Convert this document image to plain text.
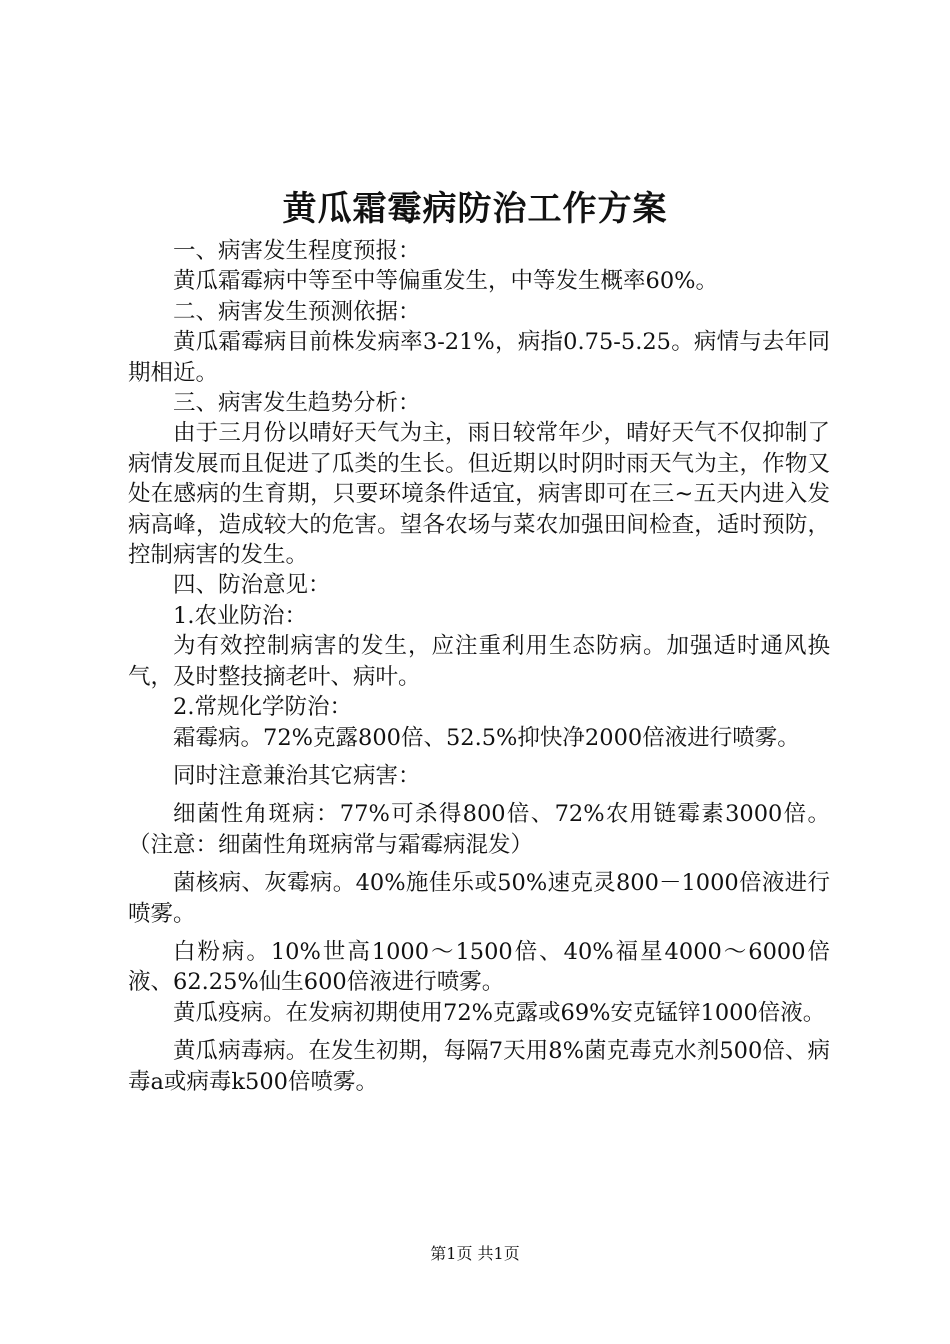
黄瓜霜霉病防治工作方案

一、病害发生程度预报：

黄瓜霜霉病中等至中等偏重发生，中等发生概率60%。

二、病害发生预测依据：

黄瓜霜霉病目前株发病率3-21%，病指0.75-5.25。病情与去年同期相近。

三、病害发生趋势分析：

由于三月份以晴好天气为主，雨日较常年少，晴好天气不仅抑制了病情发展而且促进了瓜类的生长。但近期以时阴时雨天气为主，作物又处在感病的生育期，只要环境条件适宜，病害即可在三~五天内进入发病高峰，造成较大的危害。望各农场与菜农加强田间检查，适时预防，控制病害的发生。

四、防治意见：

1.农业防治：

为有效控制病害的发生，应注重利用生态防病。加强适时通风换气，及时整技摘老叶、病叶。

2.常规化学防治：

霜霉病。72%克露800倍、52.5%抑快净2000倍液进行喷雾。

同时注意兼治其它病害：

细菌性角斑病：77%可杀得800倍、72%农用链霉素3000倍。（注意：细菌性角斑病常与霜霉病混发）

菌核病、灰霉病。40%施佳乐或50%速克灵800－1000倍液进行喷雾。

白粉病。10%世高1000～1500倍、40%福星4000～6000倍液、62.25%仙生600倍液进行喷雾。

黄瓜疫病。在发病初期使用72%克露或69%安克锰锌1000倍液。

黄瓜病毒病。在发生初期，每隔7天用8%菌克毒克水剂500倍、病毒a或病毒k500倍喷雾。

第1页 共1页
